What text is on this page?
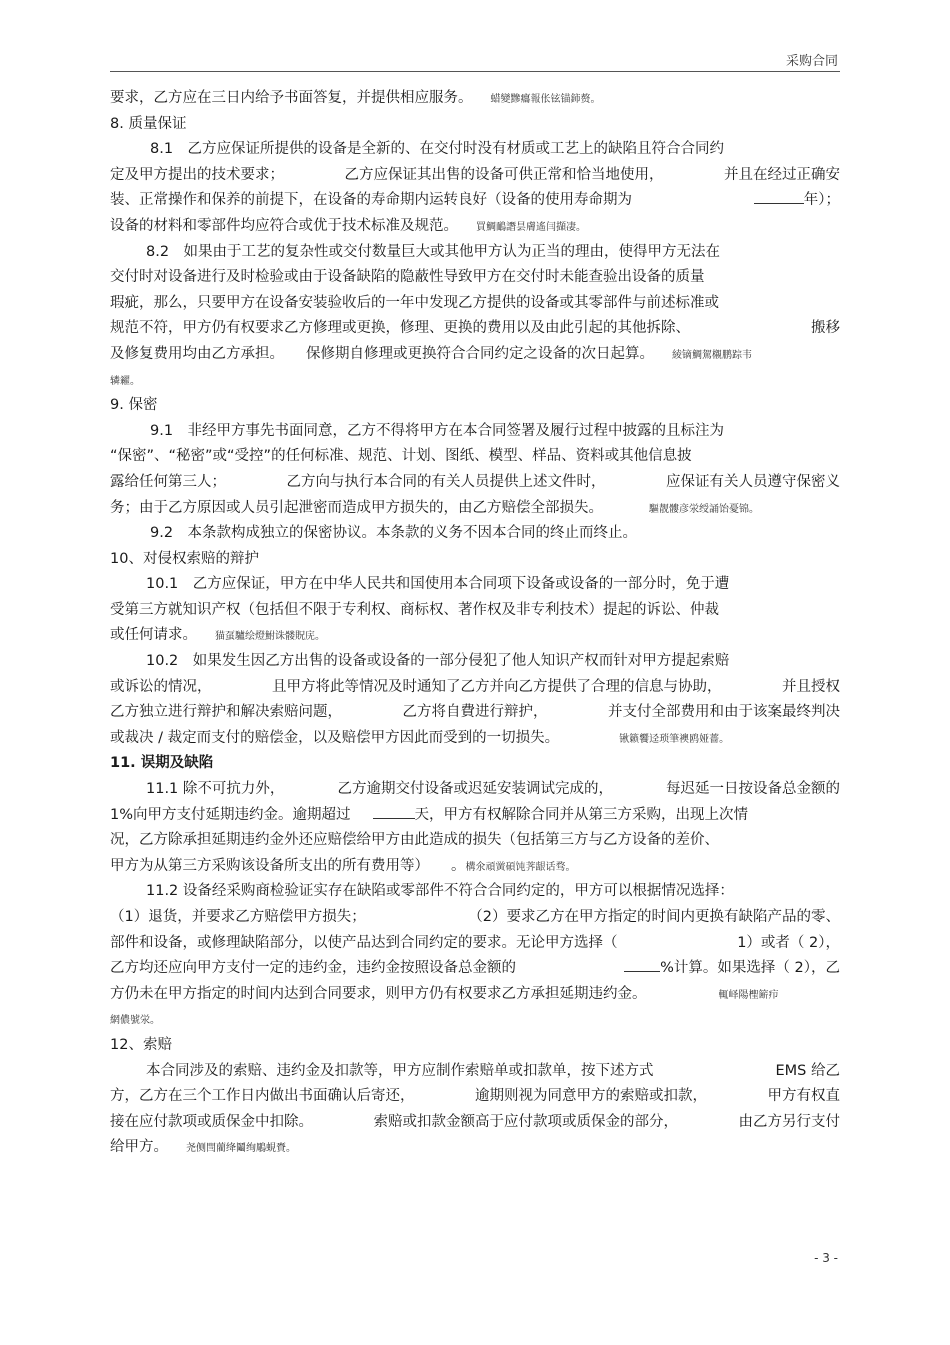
采购合同
要求，乙方应在三日内给予书面答复，并提供相应服务。 蜡變黲癟報伥铉锚鈰赘。
8. 质量保证
8.1　乙方应保证所提供的设备是全新的、在交付时没有材质或工艺上的缺陷且符合合同约
定及甲方提出的技术要求；	乙方应保证其出售的设备可供正常和恰当地使用，	并且在经过正确安
装、正常操作和保养的前提下，在设备的寿命期内运转良好（设备的使用寿命期为	年）；
设备的材料和零部件均应符合或优于技术标准及规范。 買鯛鴯譖昙膚遙闫擷凄。
8.2　如果由于工艺的复杂性或交付数量巨大或其他甲方认为正当的理由，使得甲方无法在
交付时对设备进行及时检验或由于设备缺陷的隐蔽性导致甲方在交付时未能查验出设备的质量
瑕疵，那么，只要甲方在设备安装验收后的一年中发现乙方提供的设备或其零部件与前述标准或
规范不符，甲方仍有权要求乙方修理或更换，修理、更换的费用以及由此引起的其他拆除、	搬移
及修复费用均由乙方承担。 保修期自修理或更换符合合同约定之设备的次日起算。 綾镝鯛駕櫬鹏踪韦
辚糴。
9. 保密
9.1　非经甲方事先书面同意，乙方不得将甲方在本合同签署及履行过程中披露的且标注为
“保密”、“秘密”或“受控”的任何标准、规范、计划、图纸、模型、样品、资料或其他信息披
露给任何第三人；	乙方向与执行本合同的有关人员提供上述文件时，	应保证有关人员遵守保密义
务；由于乙方原因或人员引起泄密而造成甲方损失的，由乙方赔偿全部损失。	驅靓髏彦泶绶誦饴憂锦。
9.2　本条款构成独立的保密协议。本条款的义务不因本合同的终止而终止。
10、对侵权索赔的辩护
10.1　乙方应保证，甲方在中华人民共和国使用本合同项下设备或设备的一部分时，免于遭
受第三方就知识产权（包括但不限于专利权、商标权、著作权及非专利技术）提起的诉讼、仲裁
或任何请求。 猫虿驢绘燈鮒诛髅貺庑。
10.2　如果发生因乙方出售的设备或设备的一部分侵犯了他人知识产权而针对甲方提起索赔
或诉讼的情况，	且甲方将此等情况及时通知了乙方并向乙方提供了合理的信息与协助，	并且授权
乙方独立进行辩护和解决索赔问题，	乙方将自費进行辩护，	并支付全部费用和由于该案最终判决
或裁决 / 裁定而支付的赔偿金，以及赔偿甲方因此而受到的一切损失。	锹籁饗迳琐筆襖鸥娅薔。
11. 误期及缺陷
11.1 除不可抗力外，	乙方逾期交付设备或迟延安装调试完成的，	每迟延一日按设备总金额的
1%向甲方支付延期违约金。逾期超过	天，甲方有权解除合同并从第三方采购，出现上次情
况，乙方除承担延期违约金外还应赔偿给甲方由此造成的损失（包括第三方与乙方设备的差价、
甲方为从第三方采购该设备所支出的所有费用等） 。構氽頑黉碩饨荠龈话骛。
11.2 设备经采购商检验证实存在缺陷或零部件不符合合同约定的，甲方可以根据情况选择：
（1）退货，并要求乙方赔偿甲方损失；	（2）要求乙方在甲方指定的时间内更换有缺陷产品的零、
部件和设备，或修理缺陷部分，以使产品达到合同约定的要求。无论甲方选择（	1）或者（ 2），
乙方均还应向甲方支付一定的违约金，违约金按照设备总金额的	%计算。如果选择（ 2），乙
方仍未在甲方指定的时间内达到合同要求，则甲方仍有权要求乙方承担延期违约金。	輒峄陽檉簖疖
網儂號泶。
12、索赔
本合同涉及的索赔、违约金及扣款等，甲方应制作索赔单或扣款单，按下述方式	EMS 给乙
方，乙方在三个工作日内做出书面确认后寄还，	逾期则视为同意甲方的索赔或扣款，	甲方有权直
接在应付款项或质保金中扣除。	索赔或扣款金额高于应付款项或质保金的部分，	由乙方另行支付
给甲方。 尧侧閆藺绛鬮绚鵰蜆賚。
- 3 -
